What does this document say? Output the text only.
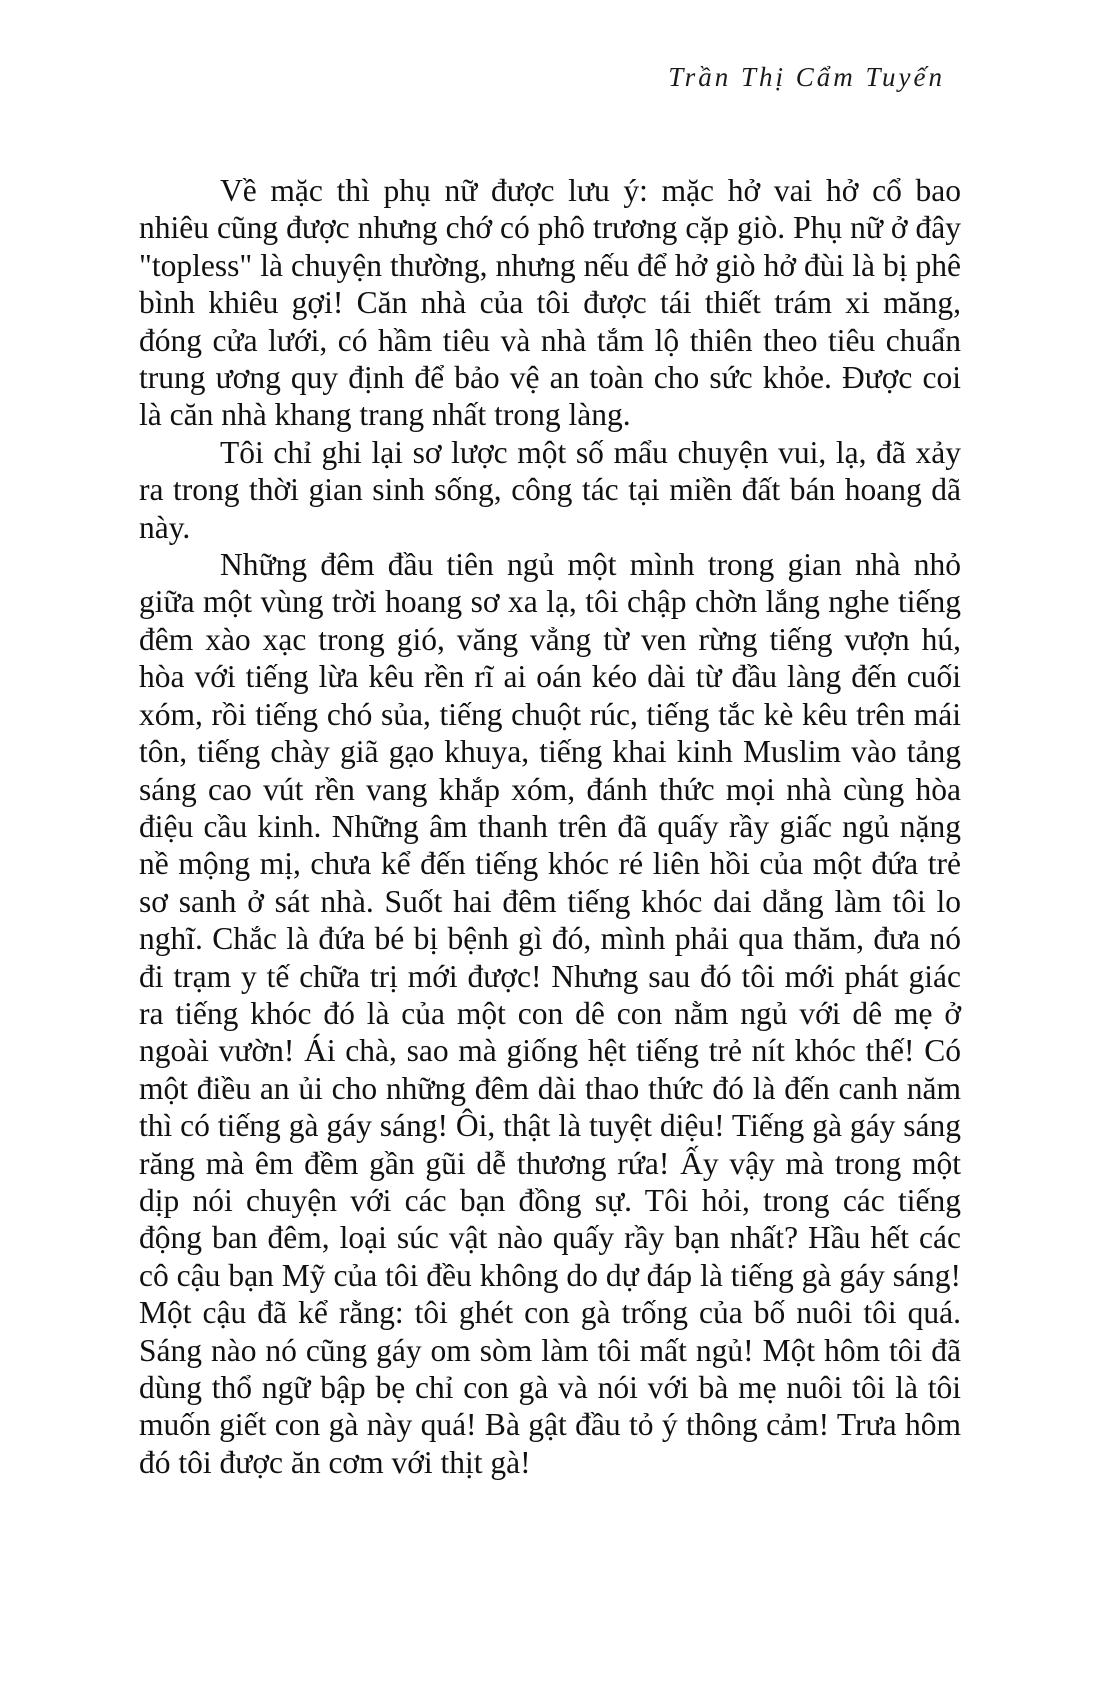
Trần Thị Cẩm Tuyến

Về mặc thì phụ nữ được lưu ý: mặc hở vai hở cổ bao nhiêu cũng được nhưng chớ có phô trương cặp giò. Phụ nữ ở đây "topless" là chuyện thường, nhưng nếu để hở giò hở đùi là bị phê bình khiêu gợi! Căn nhà của tôi được tái thiết trám xi măng, đóng cửa lưới, có hầm tiêu và nhà tắm lộ thiên theo tiêu chuẩn trung ương quy định để bảo vệ an toàn cho sức khỏe. Được coi là căn nhà khang trang nhất trong làng.

Tôi chỉ ghi lại sơ lược một số mẩu chuyện vui, lạ, đã xảy ra trong thời gian sinh sống, công tác tại miền đất bán hoang dã này.

Những đêm đầu tiên ngủ một mình trong gian nhà nhỏ giữa một vùng trời hoang sơ xa lạ, tôi chập chờn lắng nghe tiếng đêm xào xạc trong gió, văng vẳng từ ven rừng tiếng vượn hú, hòa với tiếng lừa kêu rền rĩ ai oán kéo dài từ đầu làng đến cuối xóm, rồi tiếng chó sủa, tiếng chuột rúc, tiếng tắc kè kêu trên mái tôn, tiếng chày giã gạo khuya, tiếng khai kinh Muslim vào tảng sáng cao vút rền vang khắp xóm, đánh thức mọi nhà cùng hòa điệu cầu kinh. Những âm thanh trên đã quấy rầy giấc ngủ nặng nề mộng mị, chưa kể đến tiếng khóc ré liên hồi của một đứa trẻ sơ sanh ở sát nhà. Suốt hai đêm tiếng khóc dai dẳng làm tôi lo nghĩ. Chắc là đứa bé bị bệnh gì đó, mình phải qua thăm, đưa nó đi trạm y tế chữa trị mới được! Nhưng sau đó tôi mới phát giác ra tiếng khóc đó là của một con dê con nằm ngủ với dê mẹ ở ngoài vườn! Ái chà, sao mà giống hệt tiếng trẻ nít khóc thế! Có một điều an ủi cho những đêm dài thao thức đó là đến canh năm thì có tiếng gà gáy sáng! Ôi, thật là tuyệt diệu! Tiếng gà gáy sáng răng mà êm đềm gần gũi dễ thương rứa! Ấy vậy mà trong một dịp nói chuyện với các bạn đồng sự. Tôi hỏi, trong các tiếng động ban đêm, loại súc vật nào quấy rầy bạn nhất? Hầu hết các cô cậu bạn Mỹ của tôi đều không do dự đáp là tiếng gà gáy sáng! Một cậu đã kể rằng: tôi ghét con gà trống của bố nuôi tôi quá. Sáng nào nó cũng gáy om sòm làm tôi mất ngủ! Một hôm tôi đã dùng thổ ngữ bập bẹ chỉ con gà và nói với bà mẹ nuôi tôi là tôi muốn giết con gà này quá! Bà gật đầu tỏ ý thông cảm! Trưa hôm đó tôi được ăn cơm với thịt gà!
